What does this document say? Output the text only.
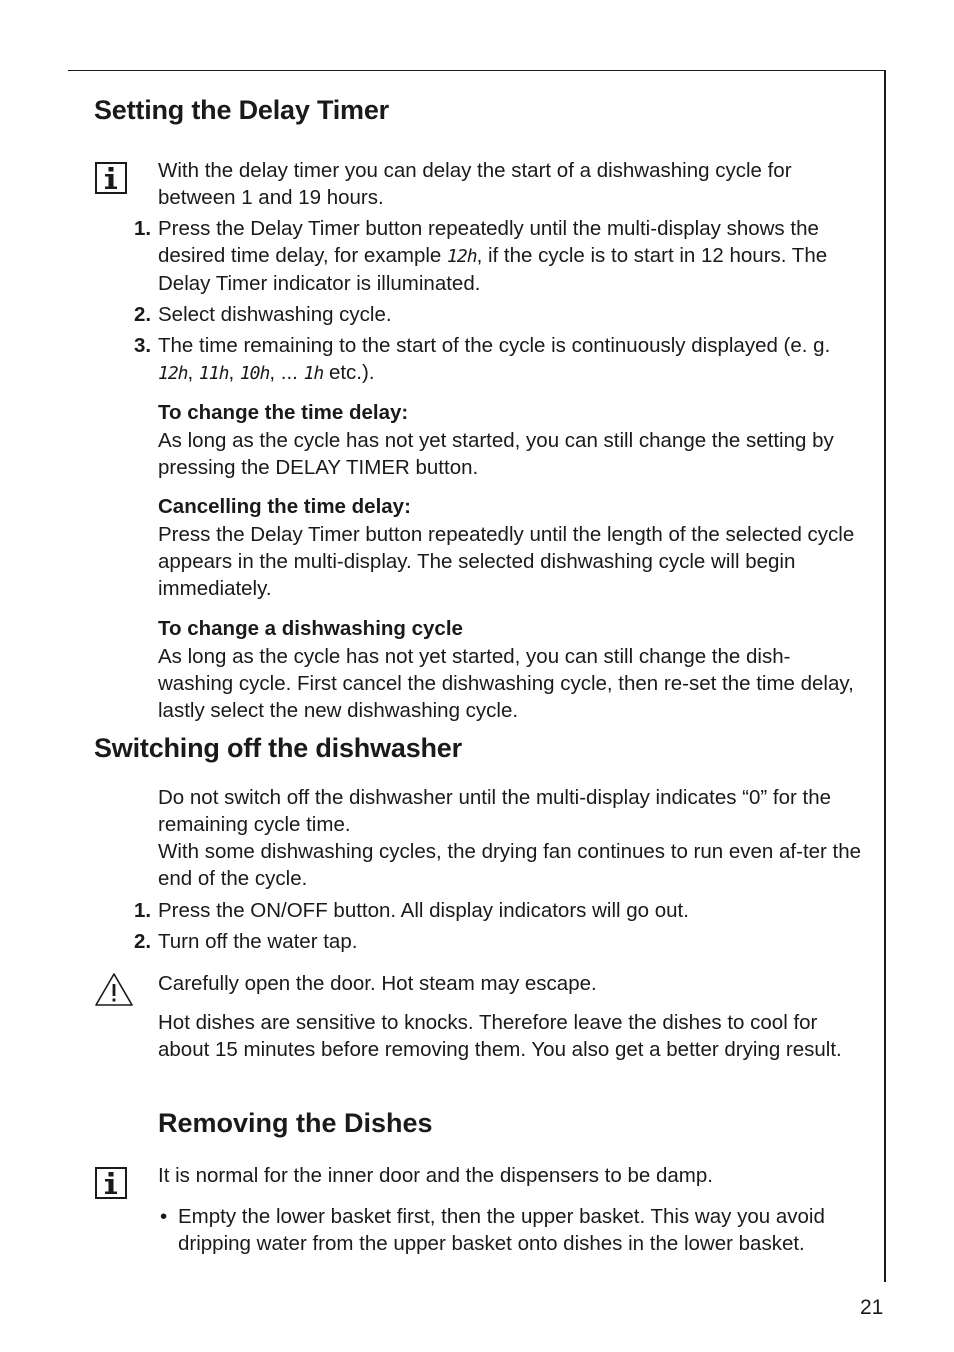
Setting the Delay Timer
With the delay timer you can delay the start of a dishwashing cycle for between 1 and 19 hours.
1. Press the Delay Timer button repeatedly until the multi-display shows the desired time delay, for example 12h, if the cycle is to start in 12 hours. The Delay Timer indicator is illuminated.
2. Select dishwashing cycle.
3. The time remaining to the start of the cycle is continuously displayed (e. g. 12h, 11h, 10h, ... 1h etc.).
To change the time delay:
As long as the cycle has not yet started, you can still change the setting by pressing the DELAY TIMER button.
Cancelling the time delay:
Press the Delay Timer button repeatedly until the length of the selected cycle appears in the multi-display. The selected dishwashing cycle will begin immediately.
To change a dishwashing cycle
As long as the cycle has not yet started, you can still change the dish-washing cycle. First cancel the dishwashing cycle, then re-set the time delay, lastly select the new dishwashing cycle.
Switching off the dishwasher
Do not switch off the dishwasher until the multi-display indicates “0” for the remaining cycle time.
With some dishwashing cycles, the drying fan continues to run even af-ter the end of the cycle.
1. Press the ON/OFF button. All display indicators will go out.
2. Turn off the water tap.
Carefully open the door. Hot steam may escape.
Hot dishes are sensitive to knocks. Therefore leave the dishes to cool for about 15 minutes before removing them. You also get a better drying result.
Removing the Dishes
It is normal for the inner door and the dispensers to be damp.
• Empty the lower basket first, then the upper basket. This way you avoid dripping water from the upper basket onto dishes in the lower basket.
21
